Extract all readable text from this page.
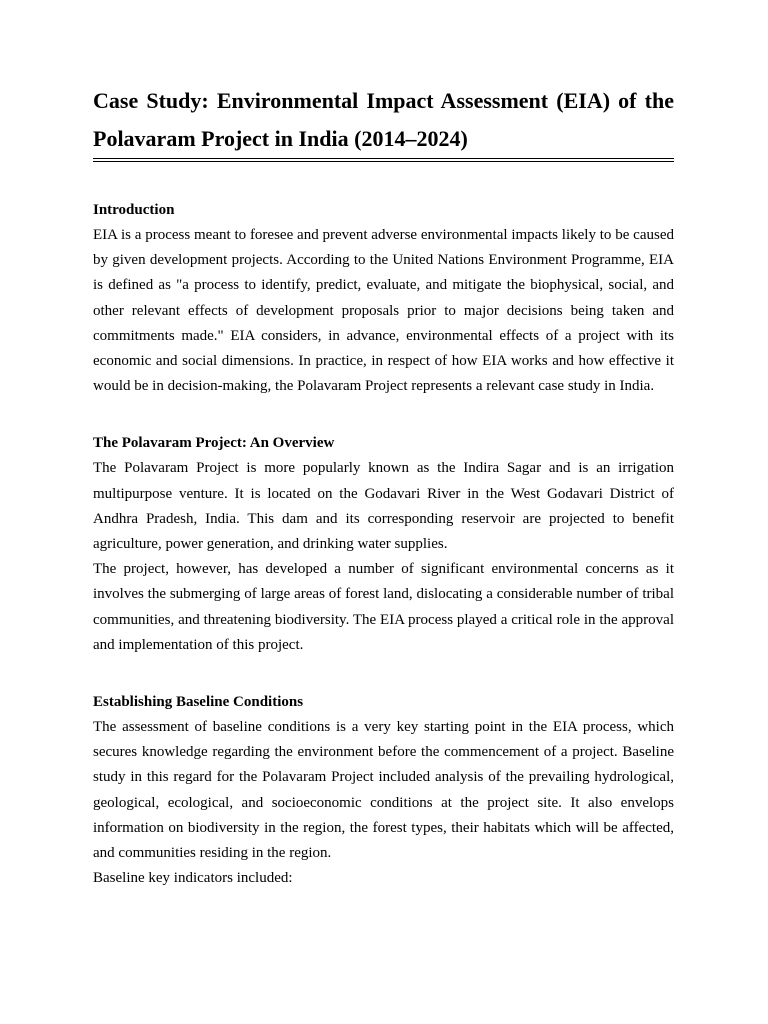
Case Study: Environmental Impact Assessment (EIA) of the Polavaram Project in India (2014–2024)
Introduction

EIA is a process meant to foresee and prevent adverse environmental impacts likely to be caused by given development projects. According to the United Nations Environment Programme, EIA is defined as "a process to identify, predict, evaluate, and mitigate the biophysical, social, and other relevant effects of development proposals prior to major decisions being taken and commitments made." EIA considers, in advance, environmental effects of a project with its economic and social dimensions. In practice, in respect of how EIA works and how effective it would be in decision-making, the Polavaram Project represents a relevant case study in India.

The Polavaram Project: An Overview

The Polavaram Project is more popularly known as the Indira Sagar and is an irrigation multipurpose venture. It is located on the Godavari River in the West Godavari District of Andhra Pradesh, India. This dam and its corresponding reservoir are projected to benefit agriculture, power generation, and drinking water supplies.

The project, however, has developed a number of significant environmental concerns as it involves the submerging of large areas of forest land, dislocating a considerable number of tribal communities, and threatening biodiversity. The EIA process played a critical role in the approval and implementation of this project.

Establishing Baseline Conditions

The assessment of baseline conditions is a very key starting point in the EIA process, which secures knowledge regarding the environment before the commencement of a project. Baseline study in this regard for the Polavaram Project included analysis of the prevailing hydrological, geological, ecological, and socioeconomic conditions at the project site. It also envelops information on biodiversity in the region, the forest types, their habitats which will be affected, and communities residing in the region.

Baseline key indicators included:
